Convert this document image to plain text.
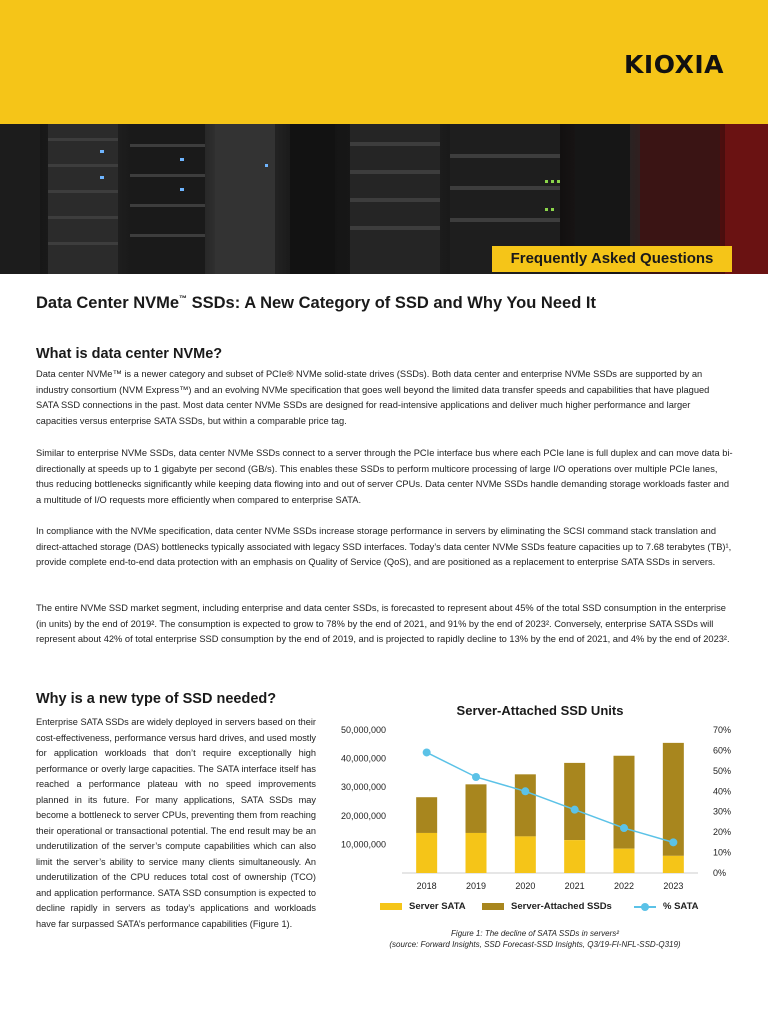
KIOXIA
Frequently Asked Questions
Data Center NVMe™ SSDs: A New Category of SSD and Why You Need It
What is data center NVMe?

Data center NVMe™ is a newer category and subset of PCIe® NVMe solid-state drives (SSDs). Both data center and enterprise NVMe SSDs are supported by an industry consortium (NVM Express™) and an evolving NVMe specification that goes well beyond the limited data transfer speeds and capabilities that have plagued SATA SSD connections in the past. Most data center NVMe SSDs are designed for read-intensive applications and deliver much higher performance and larger capacities versus enterprise SATA SSDs, but within a comparable price tag.

Similar to enterprise NVMe SSDs, data center NVMe SSDs connect to a server through the PCIe interface bus where each PCIe lane is full duplex and can move data bi-directionally at speeds up to 1 gigabyte per second (GB/s). This enables these SSDs to perform multicore processing of large I/O operations over multiple PCIe lanes, thus reducing bottlenecks significantly while keeping data flowing into and out of server CPUs. Data center NVMe SSDs handle demanding storage workloads faster and a multitude of I/O requests more efficiently when compared to enterprise SATA.

In compliance with the NVMe specification, data center NVMe SSDs increase storage performance in servers by eliminating the SCSI command stack translation and direct-attached storage (DAS) bottlenecks typically associated with legacy SSD interfaces. Today’s data center NVMe SSDs feature capacities up to 7.68 terabytes (TB)¹, provide complete end-to-end data protection with an emphasis on Quality of Service (QoS), and are positioned as a replacement to enterprise SATA SSDs in servers.

The entire NVMe SSD market segment, including enterprise and data center SSDs, is forecasted to represent about 45% of the total SSD consumption in the enterprise (in units) by the end of 2019². The consumption is expected to grow to 78% by the end of 2021, and 91% by the end of 2023². Conversely, enterprise SATA SSDs will represent about 42% of total enterprise SSD consumption by the end of 2019, and is projected to rapidly decline to 13% by the end of 2021, and 4% by the end of 2023².

Why is a new type of SSD needed?

Enterprise SATA SSDs are widely deployed in servers based on their cost-effectiveness, performance versus hard drives, and used mostly for application workloads that don’t require exceptionally high performance or overly large capacities. The SATA interface itself has reached a performance plateau with no speed improvements planned in its future. For many applications, SATA SSDs may become a bottleneck to server CPUs, preventing them from reaching their operational or transactional potential. The end result may be an underutilization of the server’s compute capabilities which can also limit the server’s ability to service many clients simultaneously. An underutilization of the CPU reduces total cost of ownership (TCO) and application performance. SATA SSD consumption is expected to decline rapidly in servers as today’s applications and workloads have far surpassed SATA’s performance capabilities (Figure 1).

Server-Attached SSD Units
50,000,000
40,000,000
30,000,000
20,000,000
10,000,000
70%
60%
50%
40%
30%
20%
10%
0%
2018	2019	2020	2021	2022	2023
Server SATA	Server-Attached SSDs	% SATA
Figure 1: The decline of SATA SSDs in servers²
(source: Forward Insights, SSD Forecast-SSD Insights, Q3/19-FI-NFL-SSD-Q319)
